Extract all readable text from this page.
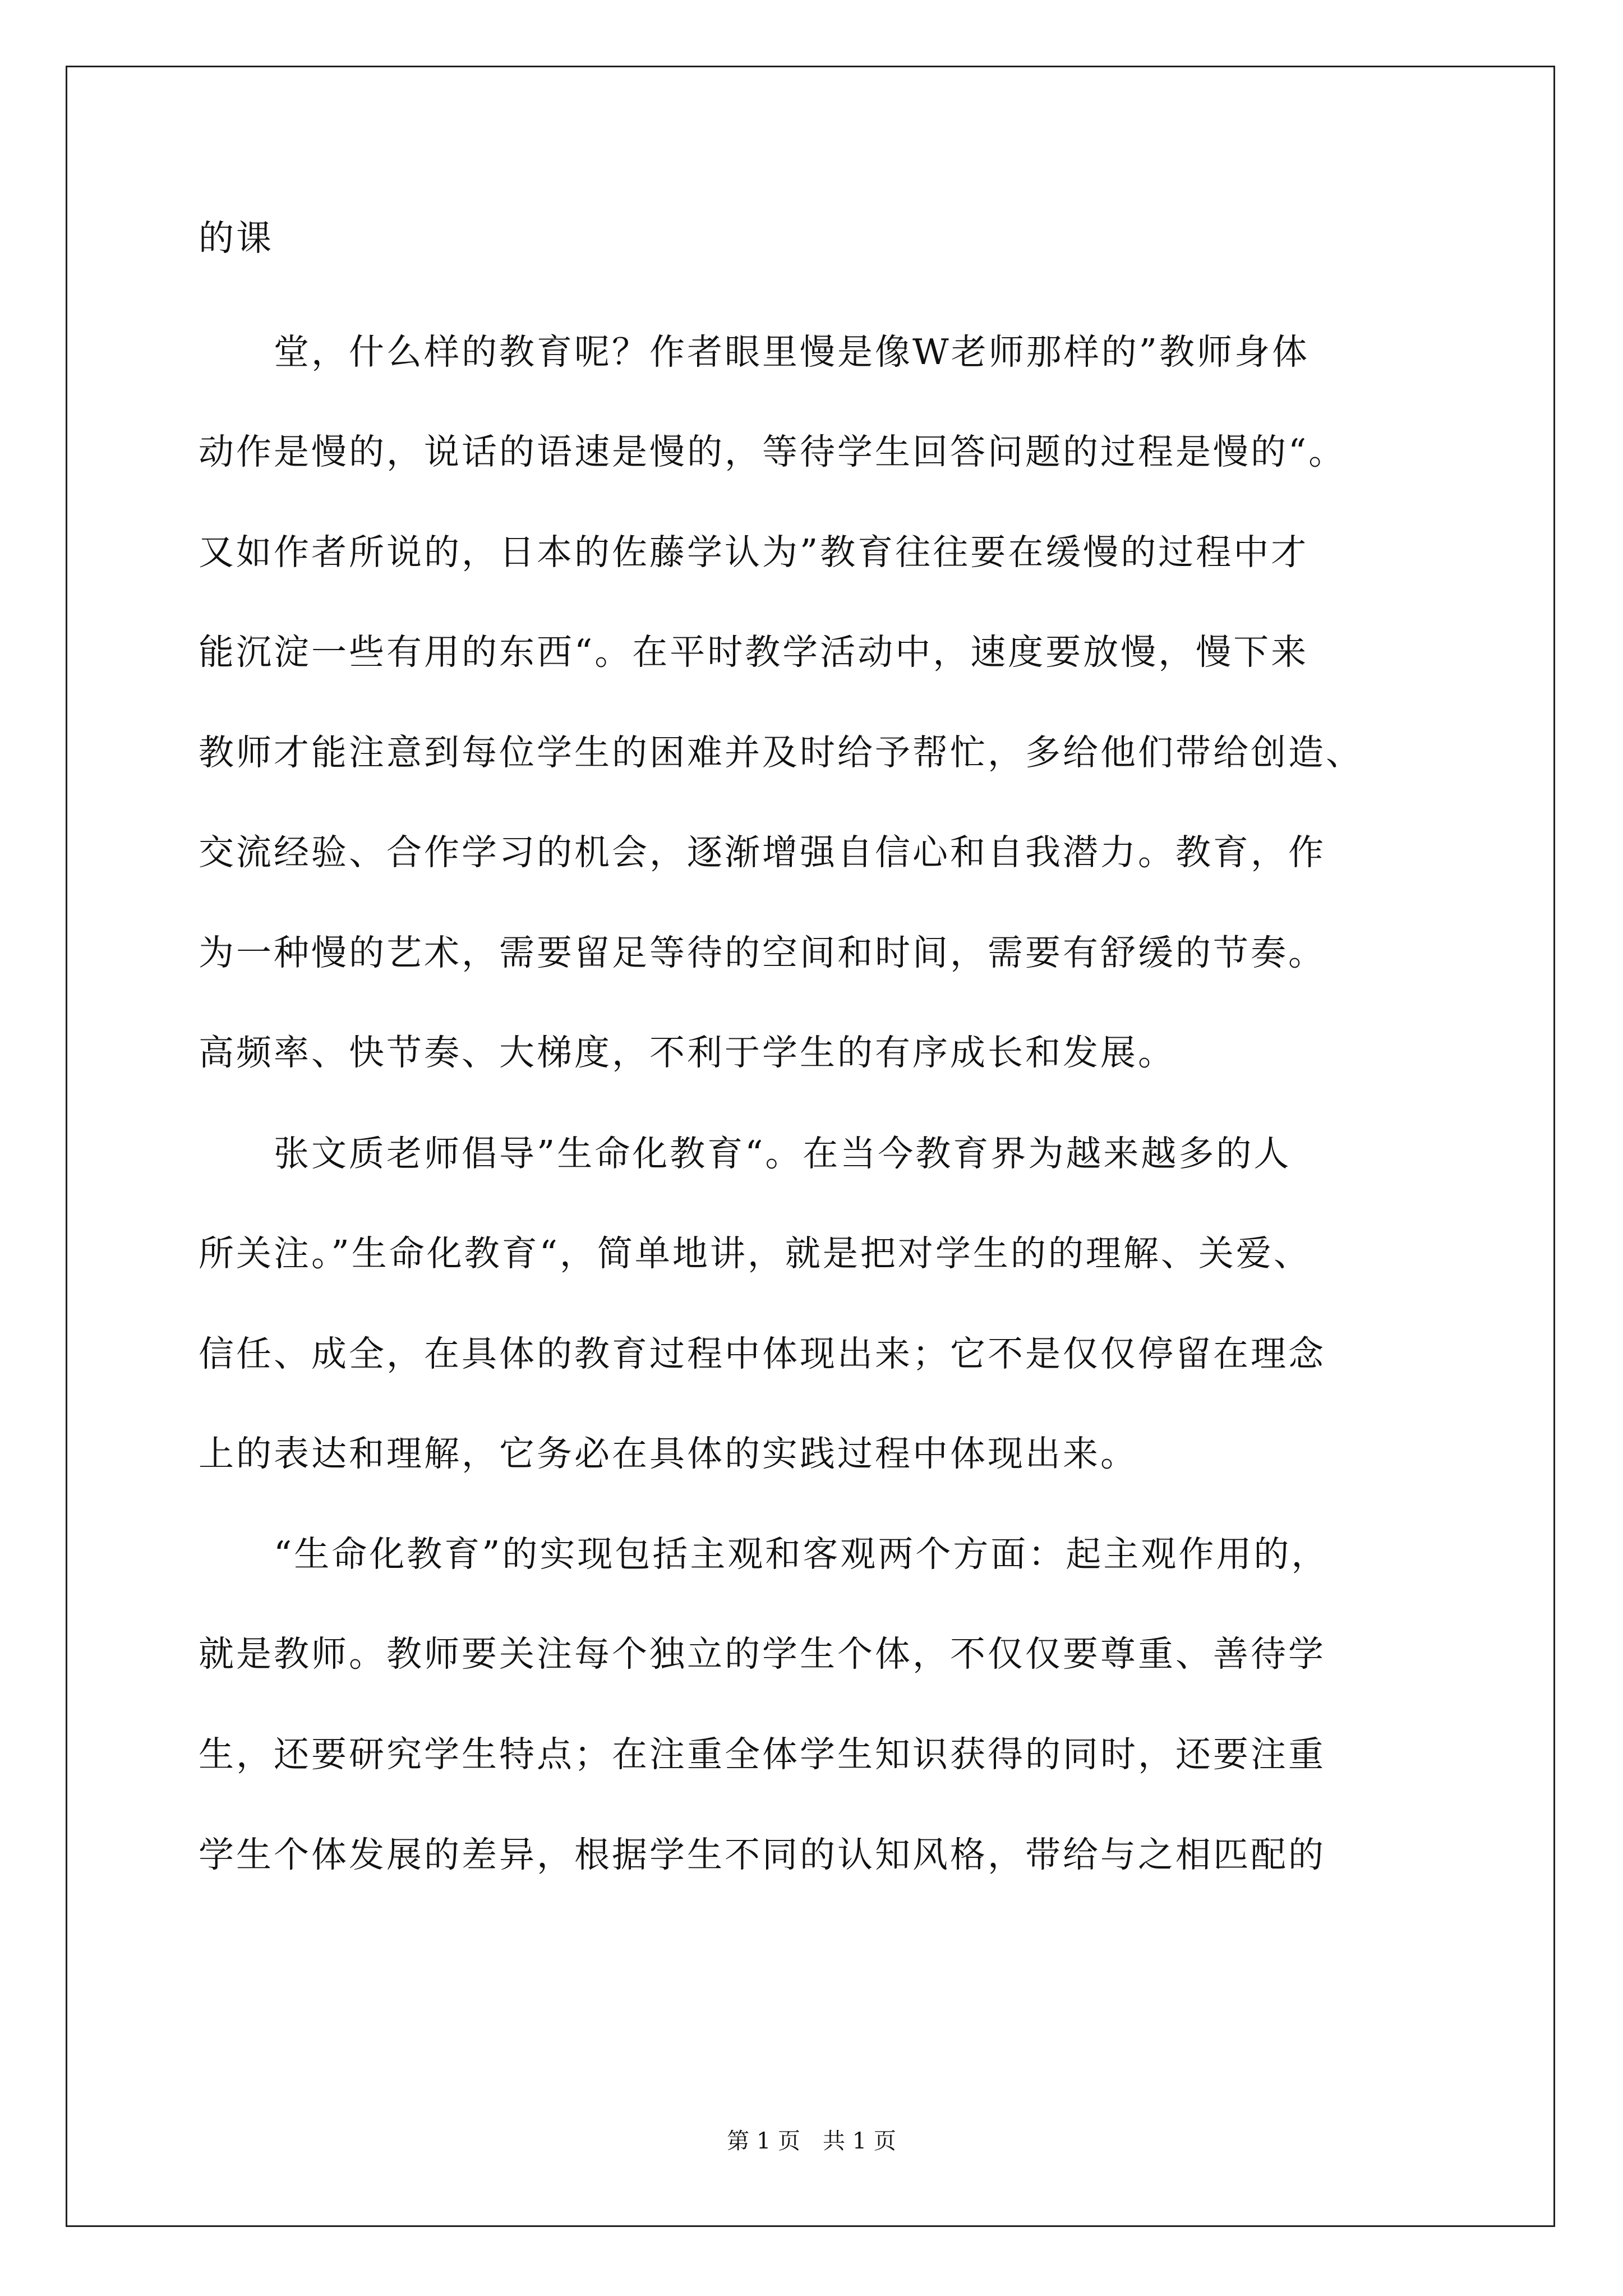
的课
　　堂，什么样的教育呢？作者眼里慢是像W老师那样的”教师身体
动作是慢的，说话的语速是慢的，等待学生回答问题的过程是慢的“。
又如作者所说的，日本的佐藤学认为”教育往往要在缓慢的过程中才
能沉淀一些有用的东西“。在平时教学活动中，速度要放慢，慢下来
教师才能注意到每位学生的困难并及时给予帮忙，多给他们带给创造、
交流经验、合作学习的机会，逐渐增强自信心和自我潜力。教育，作
为一种慢的艺术，需要留足等待的空间和时间，需要有舒缓的节奏。
高频率、快节奏、大梯度，不利于学生的有序成长和发展。
　　张文质老师倡导”生命化教育“。在当今教育界为越来越多的人
所关注。”生命化教育“，简单地讲，就是把对学生的的理解、关爱、
信任、成全，在具体的教育过程中体现出来；它不是仅仅停留在理念
上的表达和理解，它务必在具体的实践过程中体现出来。
　　“生命化教育”的实现包括主观和客观两个方面：起主观作用的，
就是教师。教师要关注每个独立的学生个体，不仅仅要尊重、善待学
生，还要研究学生特点；在注重全体学生知识获得的同时，还要注重
学生个体发展的差异，根据学生不同的认知风格，带给与之相匹配的
第 1 页　共 1 页
